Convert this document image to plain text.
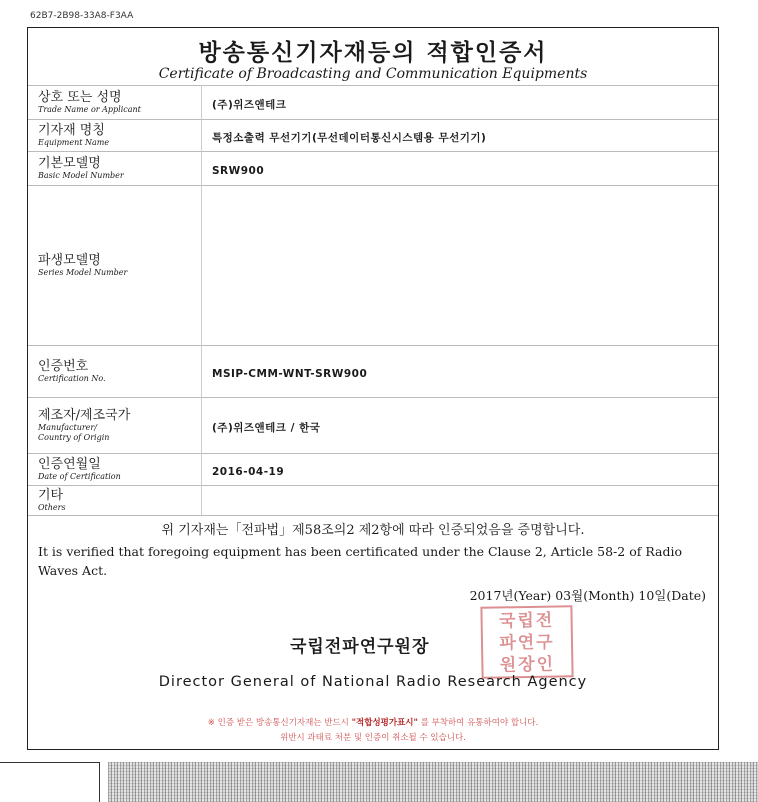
62B7-2B98-33A8-F3AA
방송통신기자재등의 적합인증서
Certificate of Broadcasting and Communication Equipments
상호 또는 성명
Trade Name or Applicant	(주)위즈앤테크

기자재 명칭
Equipment Name	특정소출력 무선기기(무선데이터통신시스템용 무선기기)

기본모델명
Basic Model Number	SRW900

파생모델명
Series Model Number	

인증번호
Certification No.	MSIP-CMM-WNT-SRW900

제조자/제조국가
Manufacturer/
Country of Origin	(주)위즈앤테크 / 한국

인증연월일
Date of Certification	2016-04-19

기타
Others	

위 기자재는「전파법」제58조의2 제2항에 따라 인증되었음을 증명합니다.
It is verified that foregoing equipment has been certificated under the Clause 2, Article 58-2 of Radio Waves Act.
2017년(Year) 03월(Month) 10일(Date)
국립전파연구원장
국립전
파연구
원장인
Director General of National Radio Research Agency
※ 인증 받은 방송통신기자재는 반드시 "적합성평가표시" 를 부착하여 유통하여야 합니다.
위반시 과태료 처분 및 인증이 취소될 수 있습니다.
